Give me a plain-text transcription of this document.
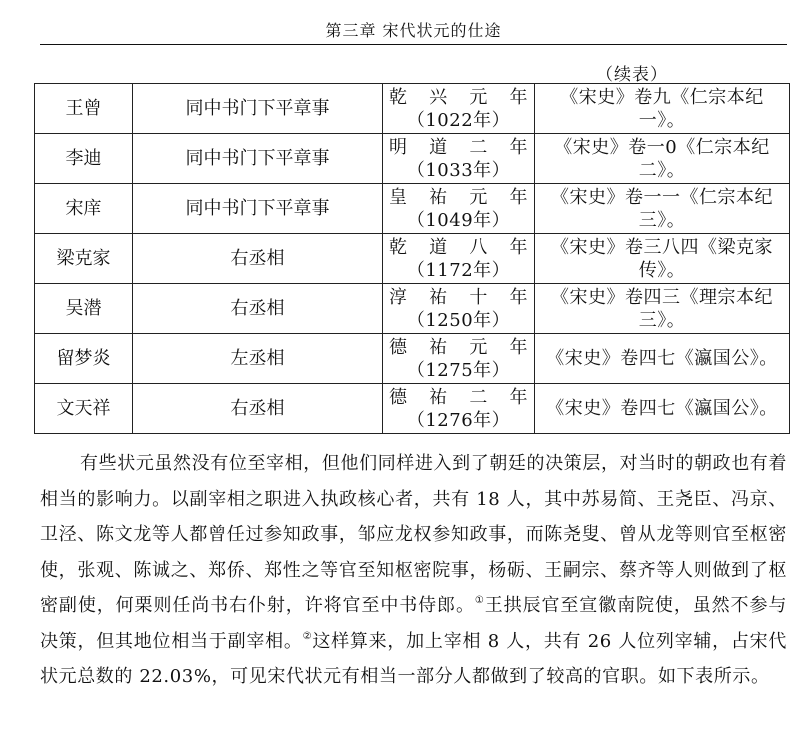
第三章 宋代状元的仕途
（续表）
王曾	同中书门下平章事	乾兴元年（1022年）	《宋史》卷九《仁宗本纪一》。
李迪	同中书门下平章事	明道二年（1033年）	《宋史》卷一0《仁宗本纪二》。
宋庠	同中书门下平章事	皇祐元年（1049年）	《宋史》卷一一《仁宗本纪三》。
梁克家	右丞相	乾道八年（1172年）	《宋史》卷三八四《梁克家传》。
吴潜	右丞相	淳祐十年（1250年）	《宋史》卷四三《理宗本纪三》。
留梦炎	左丞相	德祐元年（1275年）	《宋史》卷四七《瀛国公》。
文天祥	右丞相	德祐二年（1276年）	《宋史》卷四七《瀛国公》。
有些状元虽然没有位至宰相，但他们同样进入到了朝廷的决策层，对当时的朝政也有着相当的影响力。以副宰相之职进入执政核心者，共有 18 人，其中苏易简、王尧臣、冯京、卫泾、陈文龙等人都曾任过参知政事，邹应龙权参知政事，而陈尧叟、曾从龙等则官至枢密使，张观、陈诚之、郑侨、郑性之等官至知枢密院事，杨砺、王嗣宗、蔡齐等人则做到了枢密副使，何栗则任尚书右仆射，许将官至中书侍郎。①王拱辰官至宣徽南院使，虽然不参与决策，但其地位相当于副宰相。②这样算来，加上宰相 8 人，共有 26 人位列宰辅，占宋代状元总数的 22.03%，可见宋代状元有相当一部分人都做到了较高的官职。如下表所示。
